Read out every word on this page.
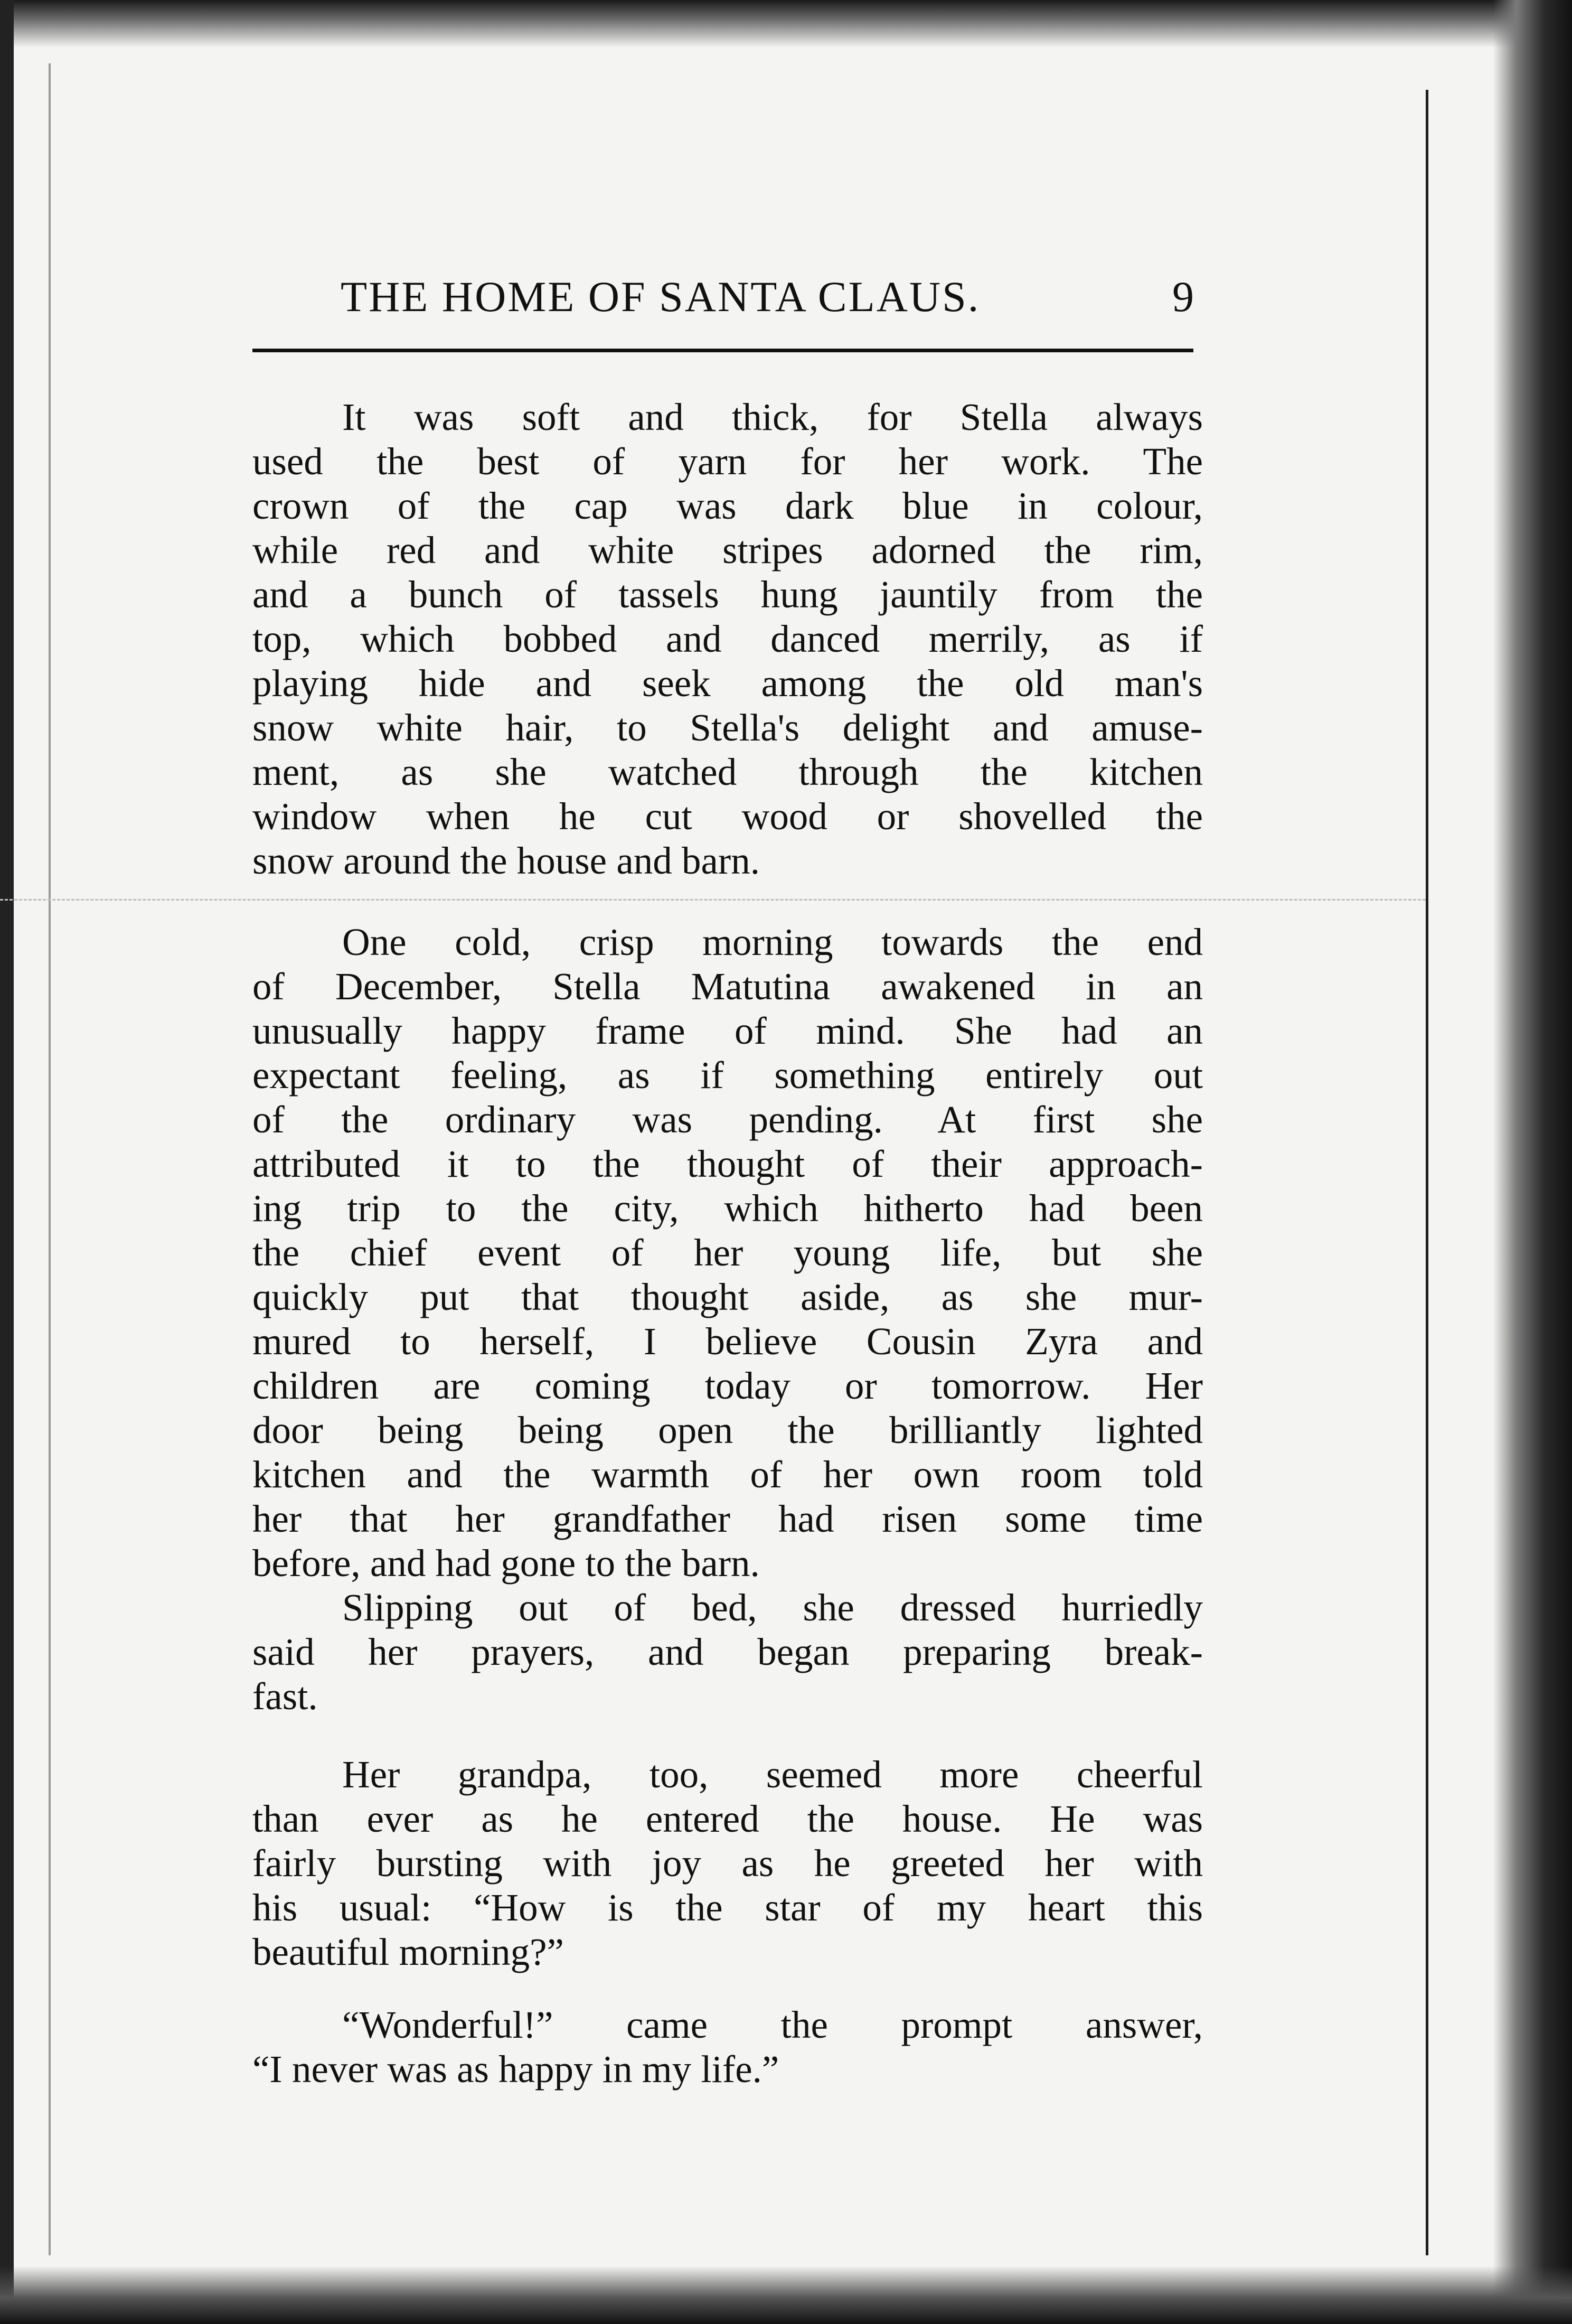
THE HOME OF SANTA CLAUS.	9
It was soft and thick, for Stella always
used the best of yarn for her work. The
crown of the cap was dark blue in colour,
while red and white stripes adorned the rim,
and a bunch of tassels hung jauntily from the
top, which bobbed and danced merrily, as if
playing hide and seek among the old man's
snow white hair, to Stella's delight and amuse-
ment, as she watched through the kitchen
window when he cut wood or shovelled the
snow around the house and barn.
One cold, crisp morning towards the end
of December, Stella Matutina awakened in an
unusually happy frame of mind. She had an
expectant feeling, as if something entirely out
of the ordinary was pending. At first she
attributed it to the thought of their approach-
ing trip to the city, which hitherto had been
the chief event of her young life, but she
quickly put that thought aside, as she mur-
mured to herself, I believe Cousin Zyra and
children are coming today or tomorrow. Her
door being being open the brilliantly lighted
kitchen and the warmth of her own room told
her that her grandfather had risen some time
before, and had gone to the barn.
Slipping out of bed, she dressed hurriedly
said her prayers, and began preparing break-
fast.
Her grandpa, too, seemed more cheerful
than ever as he entered the house. He was
fairly bursting with joy as he greeted her with
his usual: “How is the star of my heart this
beautiful morning?”
“Wonderful!” came the prompt answer,
“I never was as happy in my life.”
